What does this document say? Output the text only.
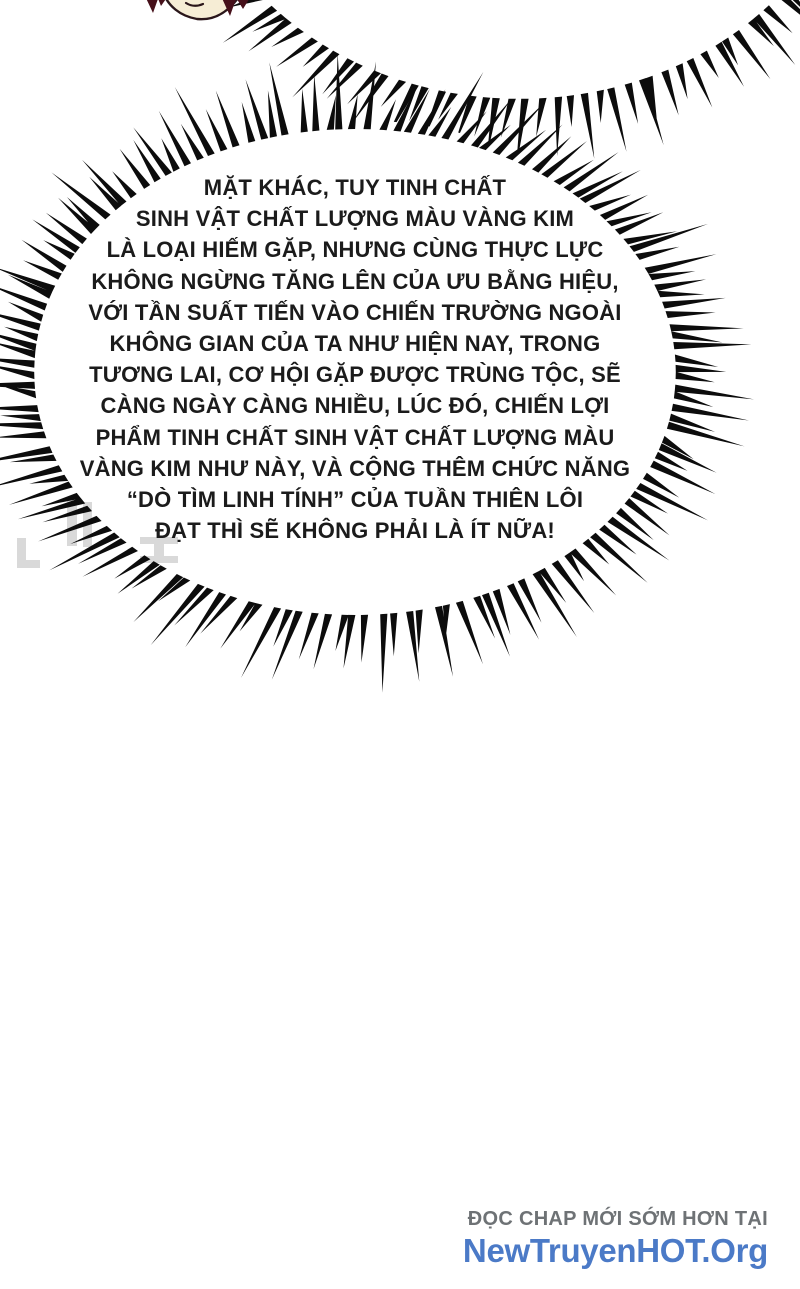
MẶT KHÁC, TUY TINH CHẤT
SINH VẬT CHẤT LƯỢNG MÀU VÀNG KIM
LÀ LOẠI HIẾM GẶP, NHƯNG CÙNG THỰC LỰC
KHÔNG NGỪNG TĂNG LÊN CỦA ƯU BẰNG HIỆU,
VỚI TẦN SUẤT TIẾN VÀO CHIẾN TRƯỜNG NGOÀI
KHÔNG GIAN CỦA TA NHƯ HIỆN NAY, TRONG
TƯƠNG LAI, CƠ HỘI GẶP ĐƯỢC TRÙNG TỘC, SẼ
CÀNG NGÀY CÀNG NHIỀU, LÚC ĐÓ, CHIẾN LỢI
PHẨM TINH CHẤT SINH VẬT CHẤT LƯỢNG MÀU
VÀNG KIM NHƯ NÀY, VÀ CỘNG THÊM CHỨC NĂNG
“DÒ TÌM LINH TÍNH” CỦA TUẦN THIÊN LÔI
ĐẠT THÌ SẼ KHÔNG PHẢI LÀ ÍT NỮA!
ĐỌC CHAP MỚI SỚM HƠN TẠI
NewTruyenHOT.Org
